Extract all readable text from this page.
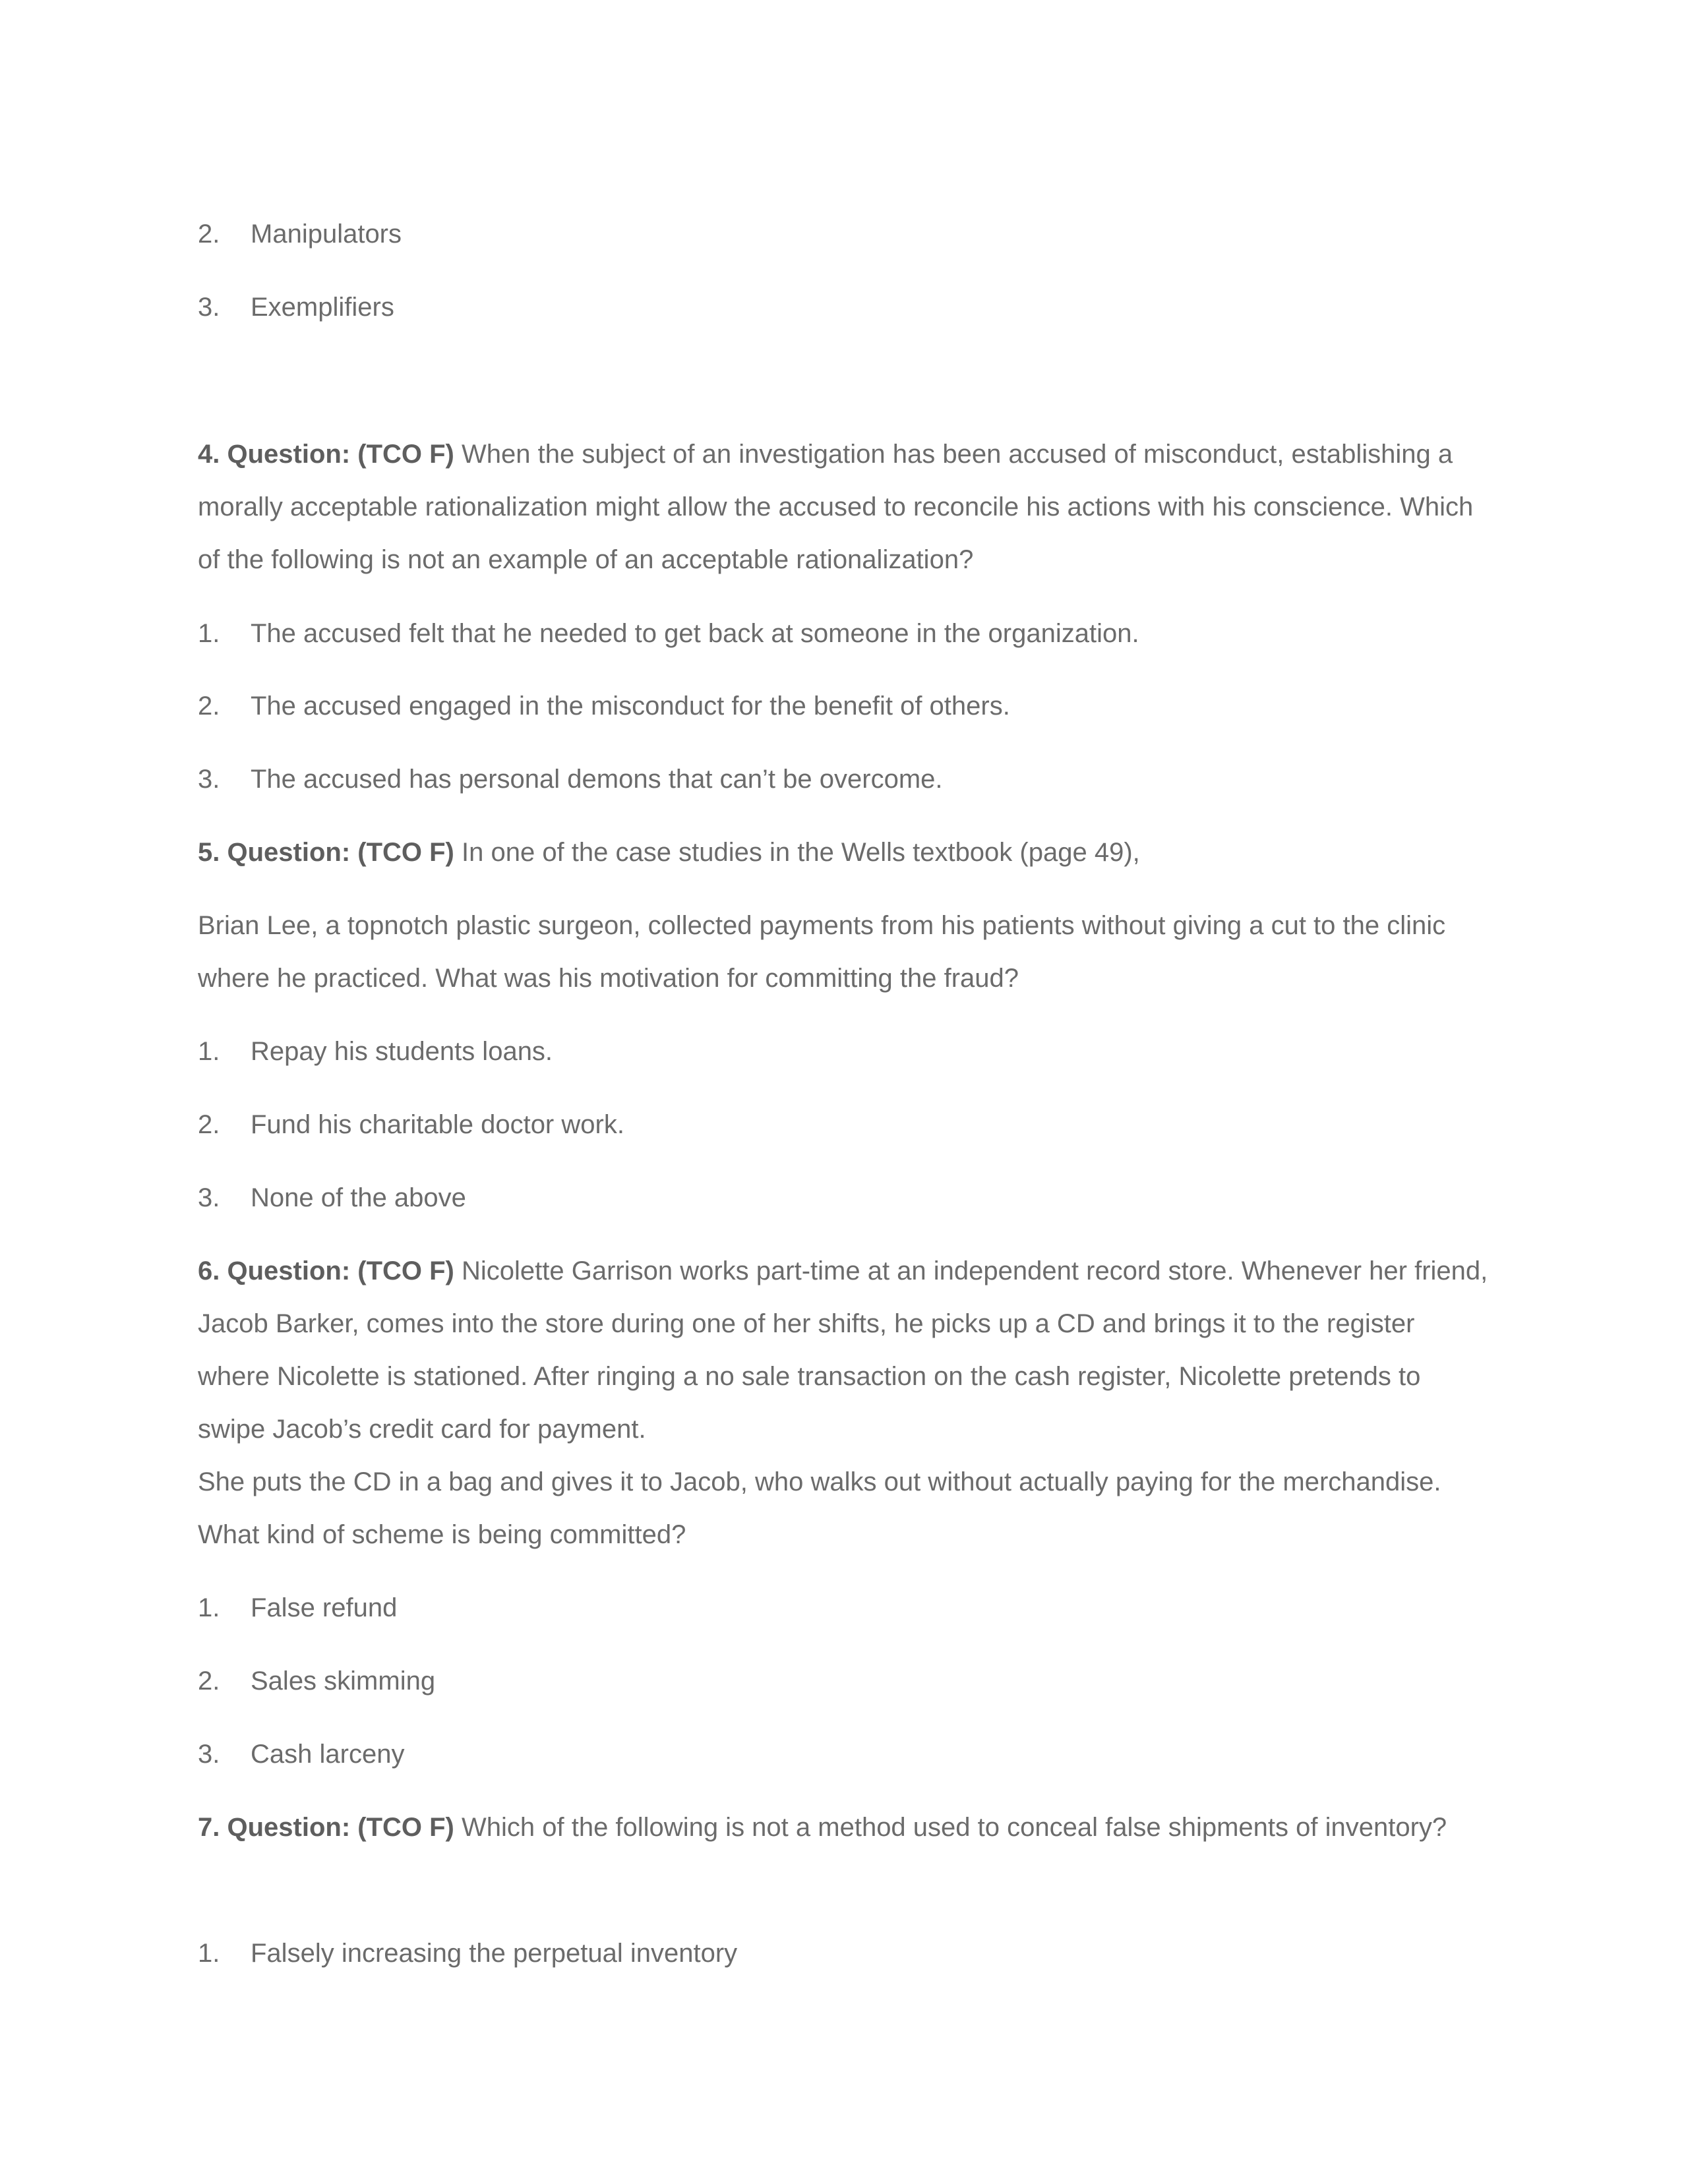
2. Manipulators
3. Exemplifiers

4. Question: (TCO F) When the subject of an investigation has been accused of misconduct, establishing a morally acceptable rationalization might allow the accused to reconcile his actions with his conscience. Which of the following is not an example of an acceptable rationalization?

1. The accused felt that he needed to get back at someone in the organization.
2. The accused engaged in the misconduct for the benefit of others.
3. The accused has personal demons that can’t be overcome.

5. Question: (TCO F) In one of the case studies in the Wells textbook (page 49),

Brian Lee, a topnotch plastic surgeon, collected payments from his patients without giving a cut to the clinic where he practiced. What was his motivation for committing the fraud?

1. Repay his students loans.
2. Fund his charitable doctor work.
3. None of the above

6. Question: (TCO F) Nicolette Garrison works part-time at an independent record store. Whenever her friend, Jacob Barker, comes into the store during one of her shifts, he picks up a CD and brings it to the register where Nicolette is stationed. After ringing a no sale transaction on the cash register, Nicolette pretends to swipe Jacob’s credit card for payment.

She puts the CD in a bag and gives it to Jacob, who walks out without actually paying for the merchandise. What kind of scheme is being committed?

1. False refund
2. Sales skimming
3. Cash larceny

7. Question: (TCO F) Which of the following is not a method used to conceal false shipments of inventory?

1. Falsely increasing the perpetual inventory
